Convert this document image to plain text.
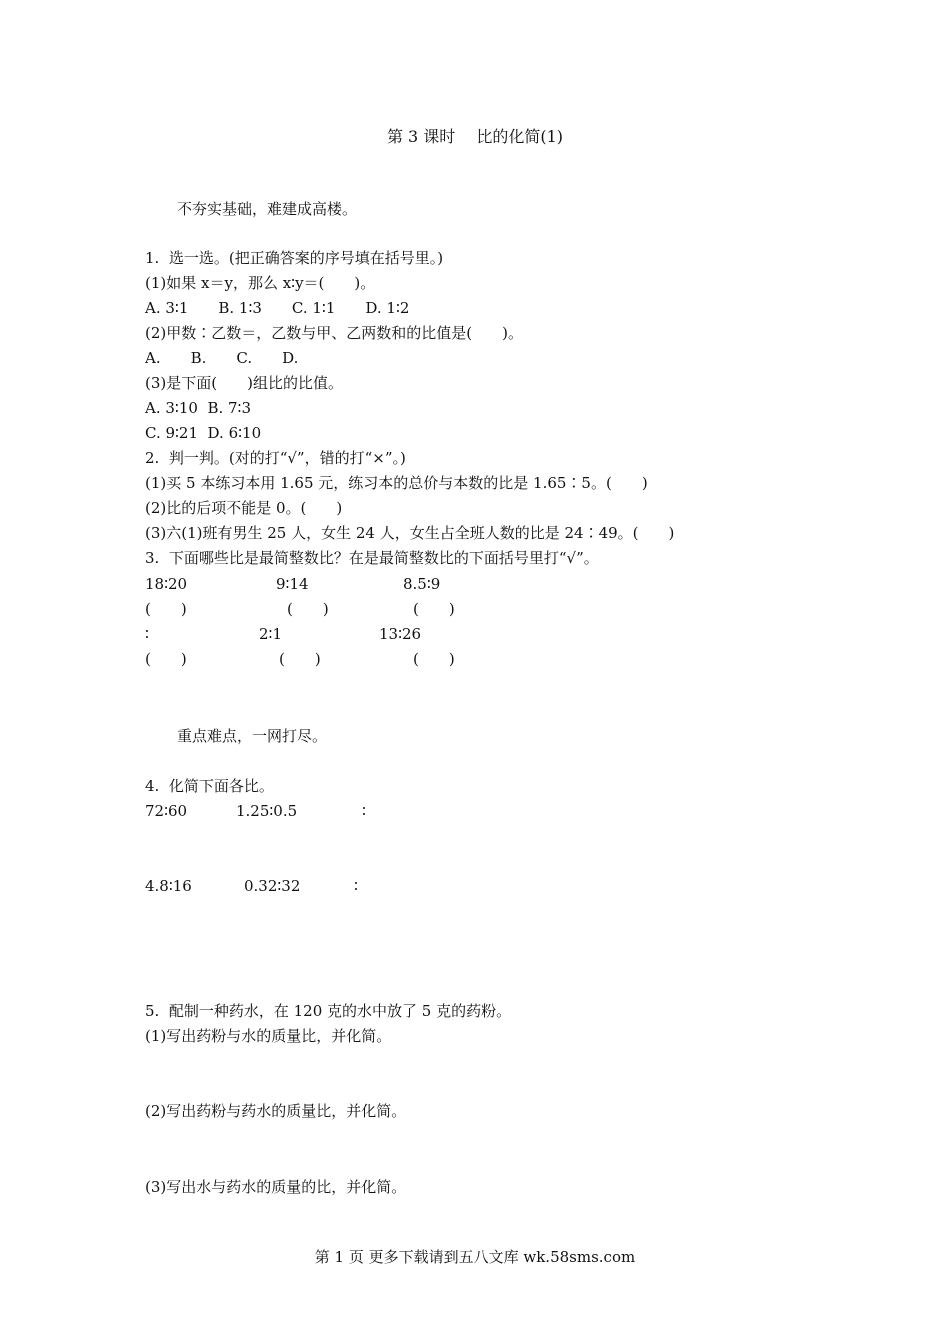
第 3 课时　 比的化简(1)
不夯实基础，难建成高楼。
1.  选一选。(把正确答案的序号填在括号里。)
(1)如果 x＝y，那么 x∶y＝(　　)。
A. 3∶1　　B. 1∶3　　C. 1∶1　　D. 1∶2
(2)甲数∶乙数＝，乙数与甲、乙两数和的比值是(　　)。
A.　　B.　　C.　　D.
(3)是下面(　　)组比的比值。
A. 3∶10  B. 7∶3
C. 9∶21  D. 6∶10
2.  判一判。(对的打“√”，错的打“×”。)
(1)买 5 本练习本用 1.65 元，练习本的总价与本数的比是 1.65∶5。(　　)
(2)比的后项不能是 0。(　　)
(3)六(1)班有男生 25 人，女生 24 人，女生占全班人数的比是 24∶49。(　　)
3.  下面哪些比是最简整数比？在是最简整数比的下面括号里打“√”。
18∶20	9∶14	8.5∶9
(　　)	(　　)	(　　)
∶	2∶1	13∶26
(　　)	(　　)	(　　)
重点难点，一网打尽。
4.  化简下面各比。
72∶60	1.25∶0.5	∶
4.8∶16	0.32∶32	∶
5.  配制一种药水，在 120 克的水中放了 5 克的药粉。
(1)写出药粉与水的质量比，并化简。
(2)写出药粉与药水的质量比，并化简。
(3)写出水与药水的质量的比，并化简。
第 1 页 更多下载请到五八文库 wk.58sms.com
